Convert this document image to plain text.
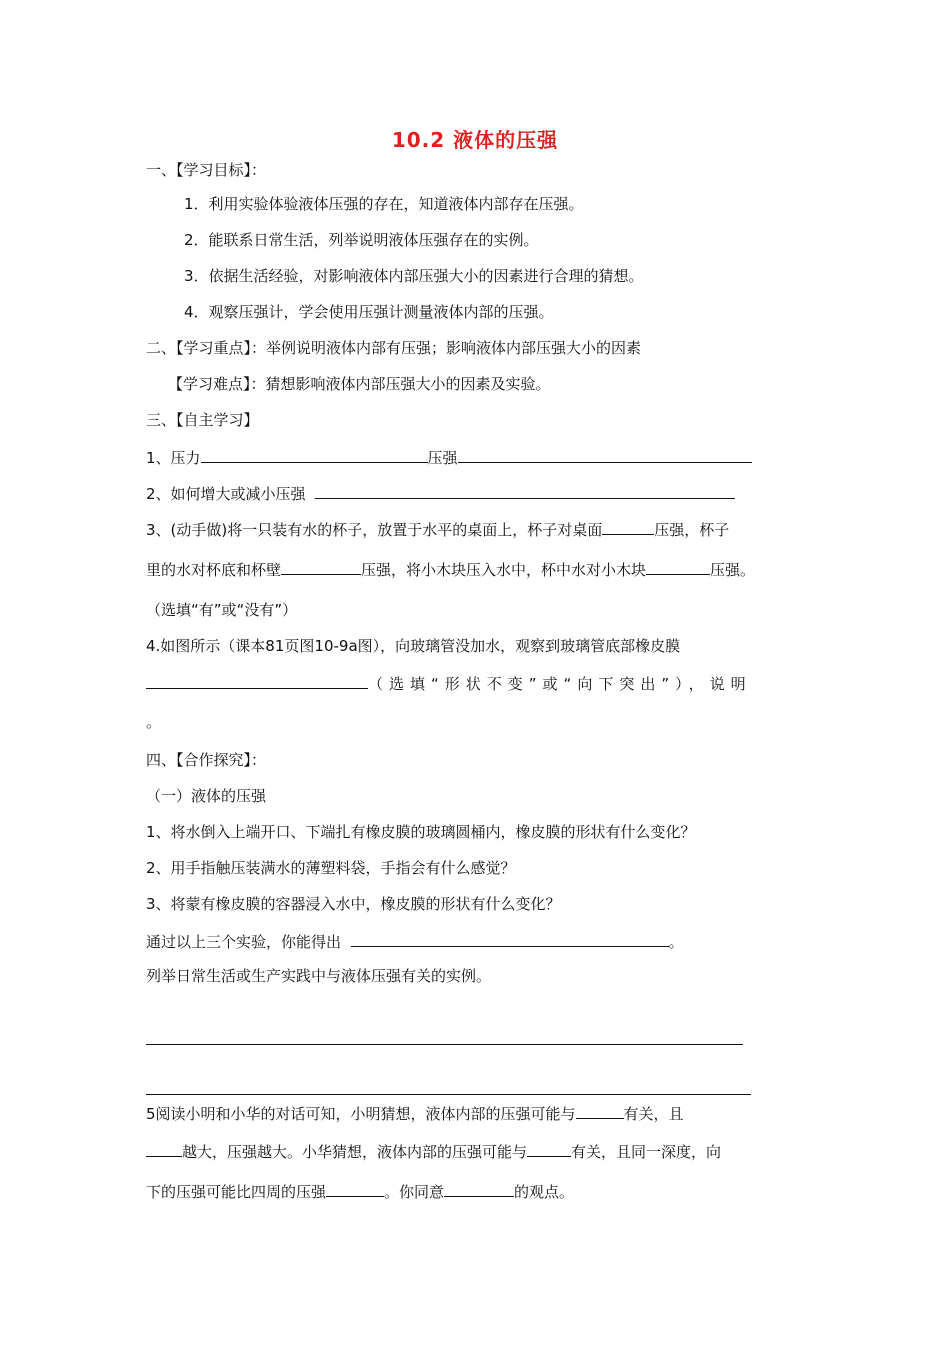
10.2 液体的压强
一、【学习目标】：
1．利用实验体验液体压强的存在，知道液体内部存在压强。
2．能联系日常生活，列举说明液体压强存在的实例。
3．依据生活经验，对影响液体内部压强大小的因素进行合理的猜想。
4．观察压强计，学会使用压强计测量液体内部的压强。
二、【学习重点】：举例说明液体内部有压强；影响液体内部压强大小的因素
【学习难点】：猜想影响液体内部压强大小的因素及实验。
三、【自主学习】
1、压力	压强
2、如何增大或减小压强
3、(动手做)将一只装有水的杯子，放置于水平的桌面上，杯子对桌面	压强，杯子
里的水对杯底和杯壁	压强，将小木块压入水中，杯中水对小木块	压强。
（选填“有”或“没有”）
4.如图所示（课本81页图10-9a图），向玻璃管没加水，观察到玻璃管底部橡皮膜
（选填“形状不变”或“向下突出”），说明
。
四、【合作探究】：
（一）液体的压强
1、将水倒入上端开口、下端扎有橡皮膜的玻璃圆桶内，橡皮膜的形状有什么变化？
2、用手指触压装满水的薄塑料袋，手指会有什么感觉？
3、将蒙有橡皮膜的容器浸入水中，橡皮膜的形状有什么变化？
通过以上三个实验，你能得出	。
列举日常生活或生产实践中与液体压强有关的实例。
5阅读小明和小华的对话可知，小明猜想，液体内部的压强可能与	有关，且
越大，压强越大。小华猜想，液体内部的压强可能与	有关，且同一深度，向
下的压强可能比四周的压强	。你同意	的观点。
